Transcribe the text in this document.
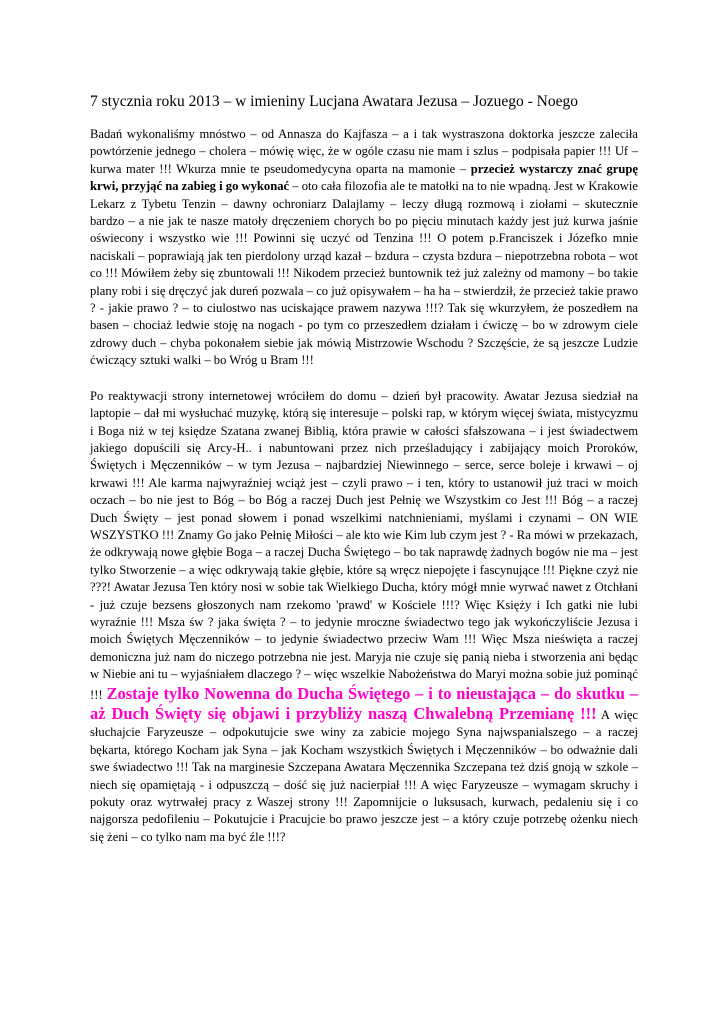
7 stycznia roku 2013 – w imieniny Lucjana Awatara Jezusa – Jozuego - Noego

Badań wykonaliśmy mnóstwo – od Annasza do Kajfasza – a i tak wystraszona doktorka jeszcze zaleciła powtórzenie jednego – cholera – mówię więc, że w ogóle czasu nie mam i szlus – podpisała papier !!! Uf – kurwa mater !!! Wkurza mnie te pseudomedycyna oparta na mamonie – przecież wystarczy znać grupę krwi, przyjąć na zabieg i go wykonać – oto cała filozofia ale te matołki na to nie wpadną. Jest w Krakowie Lekarz z Tybetu Tenzin – dawny ochroniarz Dalajlamy – leczy długą rozmową i ziołami – skutecznie bardzo – a nie jak te nasze matoły dręczeniem chorych bo po pięciu minutach każdy jest już kurwa jaśnie oświecony i wszystko wie !!! Powinni się uczyć od Tenzina !!! O potem p.Franciszek i Józefko mnie naciskali – poprawiają jak ten pierdolony urząd kazał – bzdura – czysta bzdura – niepotrzebna robota – wot co !!! Mówiłem żeby się zbuntowali !!! Nikodem przecież buntownik też już zależny od mamony – bo takie plany robi i się dręczyć jak dureń pozwala – co już opisywałem – ha ha – stwierdził, że przecież takie prawo ? - jakie prawo ? – to ciulostwo nas uciskające prawem nazywa !!!? Tak się wkurzyłem, że poszedłem na basen – chociaż ledwie stoję na nogach - po tym co przeszedłem działam i ćwiczę – bo w zdrowym ciele zdrowy duch – chyba pokonałem siebie jak mówią Mistrzowie Wschodu ? Szczęście, że są jeszcze Ludzie ćwiczący sztuki walki – bo Wróg u Bram !!!

Po reaktywacji strony internetowej wróciłem do domu – dzień był pracowity. Awatar Jezusa siedział na laptopie – dał mi wysłuchać muzykę, którą się interesuje – polski rap, w którym więcej świata, mistycyzmu i Boga niż w tej księdze Szatana zwanej Biblią, która prawie w całości sfałszowana – i jest świadectwem jakiego dopuścili się Arcy-H.. i nabuntowani przez nich prześladujący i zabijający moich Proroków, Świętych i Męczenników – w tym Jezusa – najbardziej Niewinnego – serce, serce boleje i krwawi – oj krwawi !!! Ale karma najwyraźniej wciąż jest – czyli prawo – i ten, który to ustanowił już traci w moich oczach – bo nie jest to Bóg – bo Bóg a raczej Duch jest Pełnię we Wszystkim co Jest !!! Bóg – a raczej Duch Święty – jest ponad słowem i ponad wszelkimi natchnieniami, myślami i czynami – ON WIE WSZYSTKO !!! Znamy Go jako Pełnię Miłości – ale kto wie Kim lub czym jest ? - Ra mówi w przekazach, że odkrywają nowe głębie Boga – a raczej Ducha Świętego – bo tak naprawdę żadnych bogów nie ma – jest tylko Stworzenie – a więc odkrywają takie głębie, które są wręcz niepojęte i fascynujące !!! Piękne czyż nie ???! Awatar Jezusa Ten który nosi w sobie tak Wielkiego Ducha, który mógł mnie wyrwać nawet z Otchłani - już czuje bezsens głoszonych nam rzekomo 'prawd' w Kościele !!!? Więc Księży i Ich gatki nie lubi wyraźnie !!! Msza św ? jaka święta ? – to jedynie mroczne świadectwo tego jak wykończyliście Jezusa i moich Świętych Męczenników – to jedynie świadectwo przeciw Wam !!! Więc Msza nieświęta a raczej demoniczna już nam do niczego potrzebna nie jest. Maryja nie czuje się panią nieba i stworzenia ani będąc w Niebie ani tu – wyjaśniałem dlaczego ? – więc wszelkie Nabożeństwa do Maryi można sobie już pominąć !!! Zostaje tylko Nowenna do Ducha Świętego – i to nieustająca – do skutku – aż Duch Święty się objawi i przybliży naszą Chwalebną Przemianę !!! A więc słuchajcie Faryzeusze – odpokutujcie swe winy za zabicie mojego Syna najwspanialszego – a raczej bękarta, którego Kocham jak Syna – jak Kocham wszystkich Świętych i Męczenników – bo odważnie dali swe świadectwo !!! Tak na marginesie Szczepana Awatara Męczennika Szczepana też dziś gnoją w szkole – niech się opamiętają - i odpuszczą – dość się już nacierpiał !!! A więc Faryzeusze – wymagam skruchy i pokuty oraz wytrwałej pracy z Waszej strony !!! Zapomnijcie o luksusach, kurwach, pedaleniu się i co najgorsza pedofileniu – Pokutujcie i Pracujcie bo prawo jeszcze jest – a który czuje potrzebę ożenku niech się żeni – co tylko nam ma być źle !!!?
